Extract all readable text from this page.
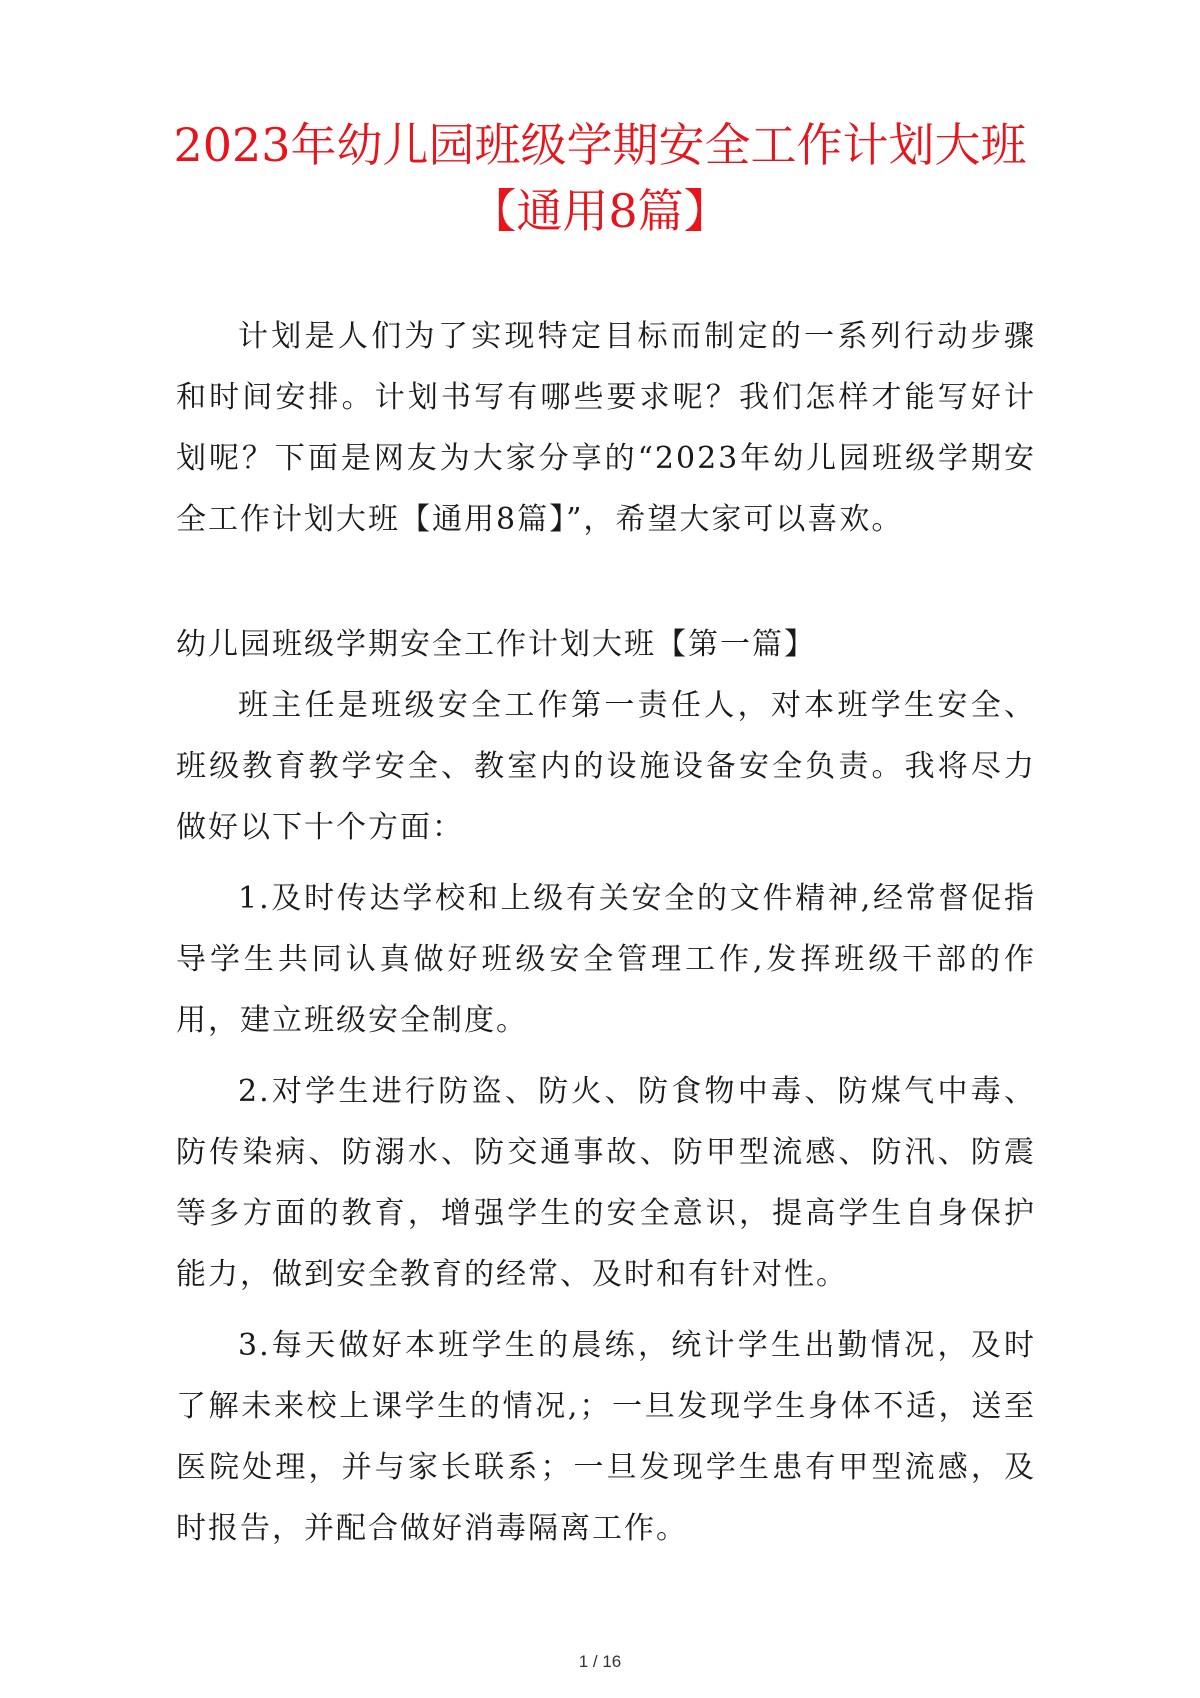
2023年幼儿园班级学期安全工作计划大班【通用8篇】

计划是人们为了实现特定目标而制定的一系列行动步骤和时间安排。计划书写有哪些要求呢？我们怎样才能写好计划呢？下面是网友为大家分享的“2023年幼儿园班级学期安全工作计划大班【通用8篇】”，希望大家可以喜欢。

幼儿园班级学期安全工作计划大班【第一篇】

班主任是班级安全工作第一责任人，对本班学生安全、班级教育教学安全、教室内的设施设备安全负责。我将尽力做好以下十个方面：

1.及时传达学校和上级有关安全的文件精神,经常督促指导学生共同认真做好班级安全管理工作,发挥班级干部的作用，建立班级安全制度。

2.对学生进行防盗、防火、防食物中毒、防煤气中毒、防传染病、防溺水、防交通事故、防甲型流感、防汛、防震等多方面的教育，增强学生的安全意识，提高学生自身保护能力，做到安全教育的经常、及时和有针对性。

3.每天做好本班学生的晨练，统计学生出勤情况，及时了解未来校上课学生的情况,；一旦发现学生身体不适，送至医院处理，并与家长联系；一旦发现学生患有甲型流感，及时报告，并配合做好消毒隔离工作。

1 / 16
